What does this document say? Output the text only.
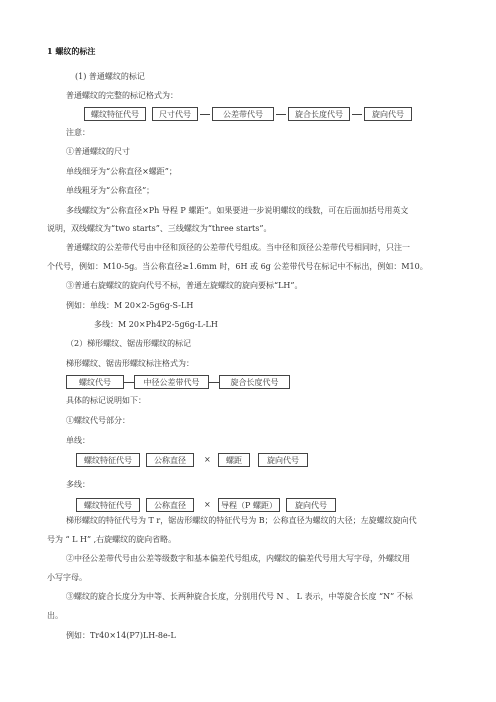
1 螺纹的标注
(1) 普通螺纹的标记
普通螺纹的完整的标记格式为：
螺纹特征代号	尺寸代号	公差带代号	旋合长度代号	旋向代号
注意：
①普通螺纹的尺寸
单线细牙为“公称直径×螺距”；
单线粗牙为“公称直径”；
多线螺纹为“公称直径×Ph 导程 P 螺距”。如果要进一步说明螺纹的线数，可在后面加括号用英文
说明，双线螺纹为“two starts”、三线螺纹为“three starts”。
普通螺纹的公差带代号由中径和顶径的公差带代号组成。当中径和顶径公差带代号相同时，只注一
个代号，例如：M10-5g。当公称直径≥1.6mm 时，6H 或 6g 公差带代号在标记中不标出，例如：M10。
③普通右旋螺纹的旋向代号不标，普通左旋螺纹的旋向要标“LH”。
例如：单线：M 20×2-5g6g-S-LH
多线：M 20×Ph4P2-5g6g-L-LH
（2）梯形螺纹、锯齿形螺纹的标记
梯形螺纹、锯齿形螺纹标注格式为：
螺纹代号	中径公差带代号	旋合长度代号
具体的标记说明如下：
①螺纹代号部分：
单线：
螺纹特征代号	公称直径	×	螺距	旋向代号
多线：
螺纹特征代号	公称直径	×	导程（P 螺距）	旋向代号
梯形螺纹的特征代号为 T r，锯齿形螺纹的特征代号为 B；公称直径为螺纹的大径；左旋螺纹旋向代
号为 “ L H” ,右旋螺纹的旋向省略。
②中径公差带代号由公差等级数字和基本偏差代号组成，内螺纹的偏差代号用大写字母，外螺纹用
小写字母。
③螺纹的旋合长度分为中等、长两种旋合长度，分别用代号 N 、 L 表示，中等旋合长度 “N” 不标
出。
例如：Tr40×14(P7)LH-8e-L
